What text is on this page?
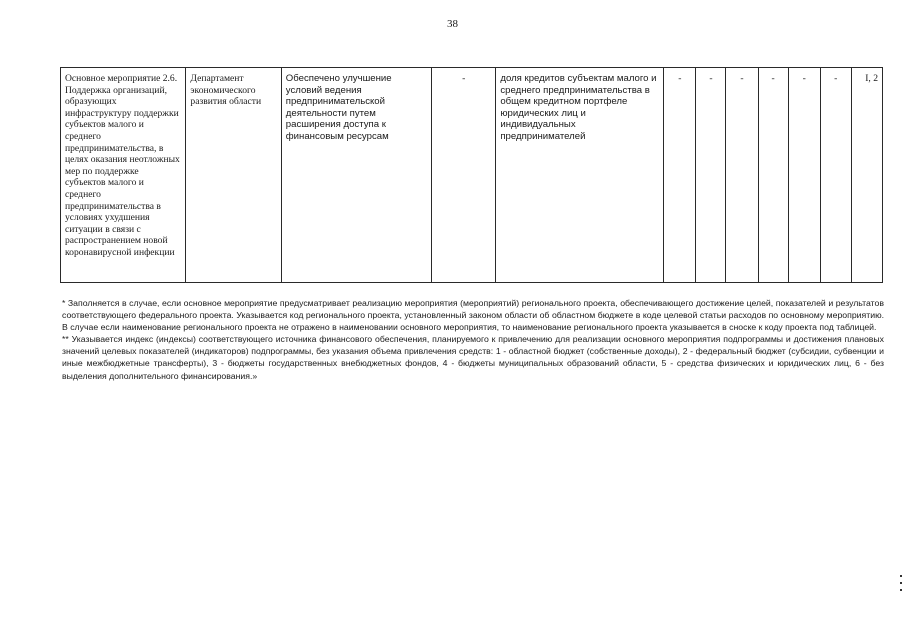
38
Основное мероприятие 2.6. Поддержка организаций, образующих инфраструктуру поддержки субъектов малого и среднего предпринимательства, в целях оказания неотложных мер по поддержке субъектов малого и среднего предпринимательства в условиях ухудшения ситуации в связи с распространением новой коронавирусной инфекции	Департамент экономического развития области	Обеспечено улучшение условий ведения предпринимательской деятельности путем расширения доступа к финансовым ресурсам	-	доля кредитов субъектам малого и среднего предпринимательства в общем кредитном портфеле юридических лиц и индивидуальных предпринимателей	-	-	-	-	-	-	I, 2

* Заполняется в случае, если основное мероприятие предусматривает реализацию мероприятия (мероприятий) регионального проекта, обеспечивающего достижение целей, показателей и результатов соответствующего федерального проекта. Указывается код регионального проекта, установленный законом области об областном бюджете в коде целевой статьи расходов по основному мероприятию. В случае если наименование регионального проекта не отражено в наименовании основного мероприятия, то наименование регионального проекта указывается в сноске к коду проекта под таблицей.

** Указывается индекс (индексы) соответствующего источника финансового обеспечения, планируемого к привлечению для реализации основного мероприятия подпрограммы и достижения плановых значений целевых показателей (индикаторов) подпрограммы, без указания объема привлечения средств: 1 - областной бюджет (собственные доходы), 2 - федеральный бюджет (субсидии, субвенции и иные межбюджетные трансферты), 3 - бюджеты государственных внебюджетных фондов, 4 - бюджеты муниципальных образований области, 5 - средства физических и юридических лиц, 6 - без выделения дополнительного финансирования.»
